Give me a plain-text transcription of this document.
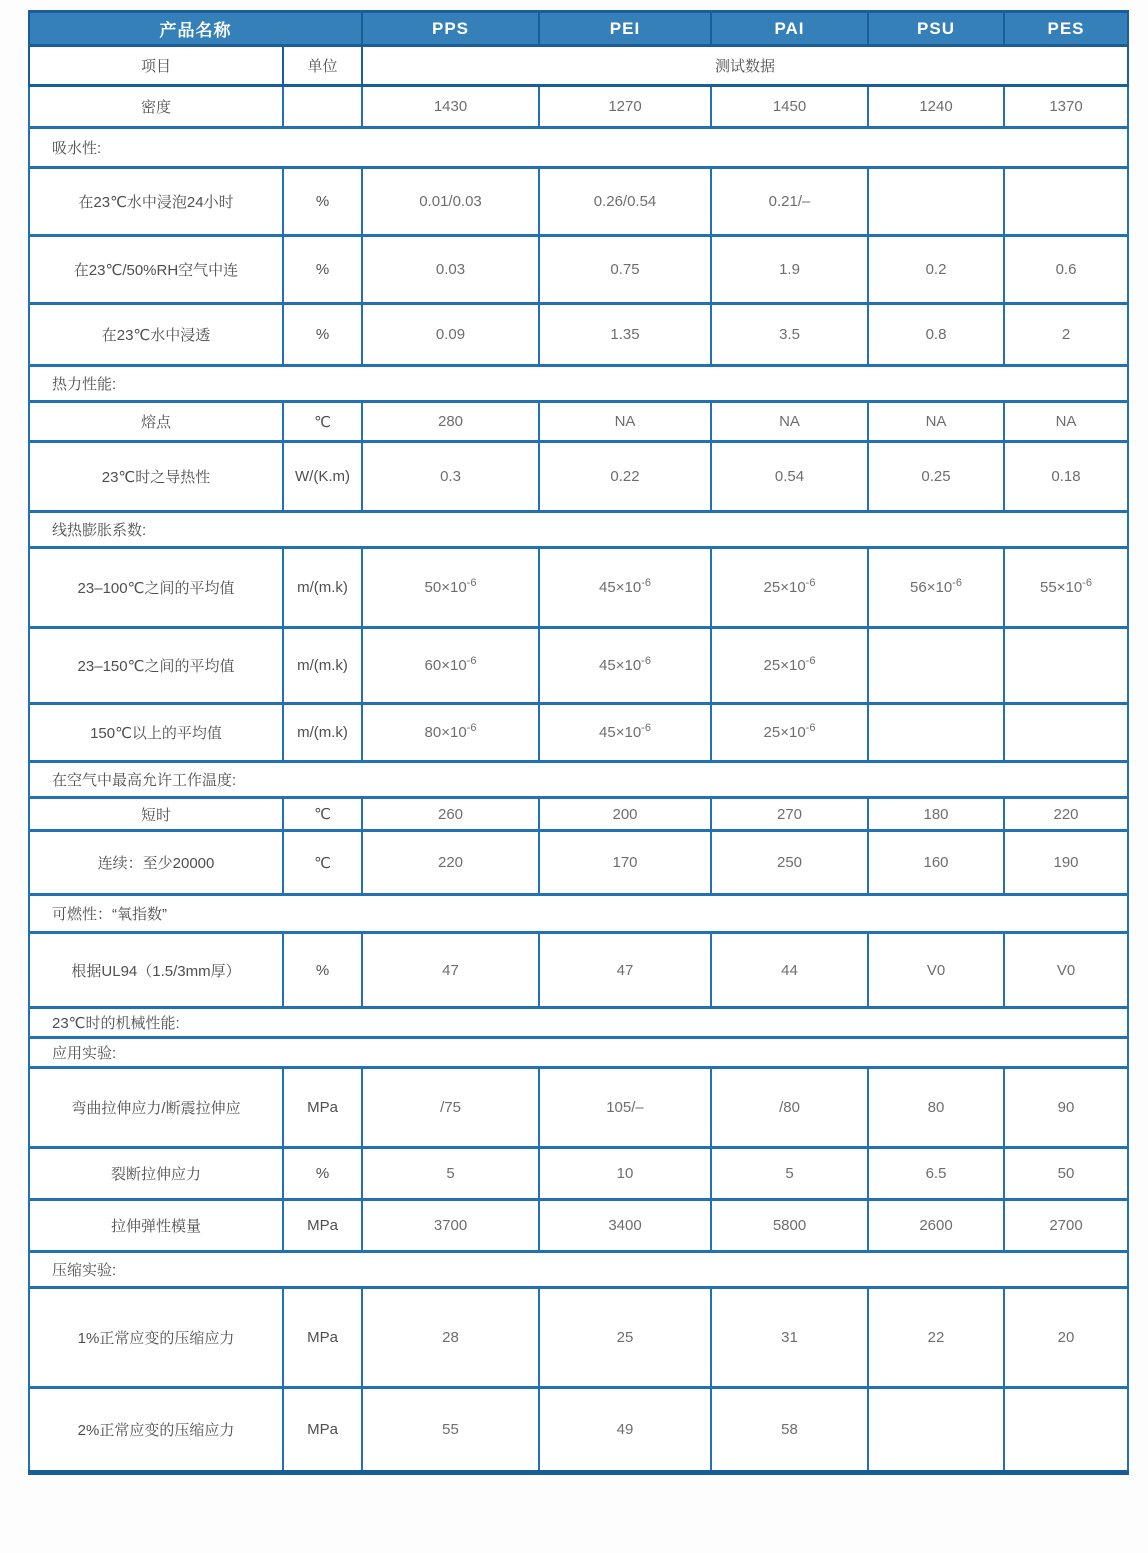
产品名称		PPS	PEI	PAI	PSU	PES
项目	单位	测试数据				
密度		1430	1270	1450	1240	1370
吸水性:						
在23℃水中浸泡24小时	%	0.01/0.03	0.26/0.54	0.21/–		
在23℃/50%RH空气中连	%	0.03	0.75	1.9	0.2	0.6
在23℃水中浸透	%	0.09	1.35	3.5	0.8	2
热力性能:						
熔点	℃	280	NA	NA	NA	NA
23℃时之导热性	W/(K.m)	0.3	0.22	0.54	0.25	0.18
线热膨胀系数:						
23–100℃之间的平均值	m/(m.k)	$50\times 10^{-6}$	$45\times 10^{-6}$	$25\times 10^{-6}$	$56\times 10^{-6}$	$55\times 10^{-6}$
23–150℃之间的平均值	m/(m.k)	$60\times 10^{-6}$	$45\times 10^{-6}$	$25\times 10^{-6}$		
150℃以上的平均值	m/(m.k)	$80\times 10^{-6}$	$45\times 10^{-6}$	$25\times 10^{-6}$		
在空气中最高允许工作温度:						
短时	℃	260	200	270	180	220
连续：至少20000	℃	220	170	250	160	190
可燃性：“氧指数”						
根据UL94（1.5/3mm厚）	%	47	47	44	V0	V0
23℃时的机械性能:						
应用实验:						
弯曲拉伸应力/断震拉伸应	MPa	/75	105/–	/80	80	90
裂断拉伸应力	%	5	10	5	6.5	50
拉伸弹性模量	MPa	3700	3400	5800	2600	2700
压缩实验:						
1%正常应变的压缩应力	MPa	28	25	31	22	20
2%正常应变的压缩应力	MPa	55	49	58		
